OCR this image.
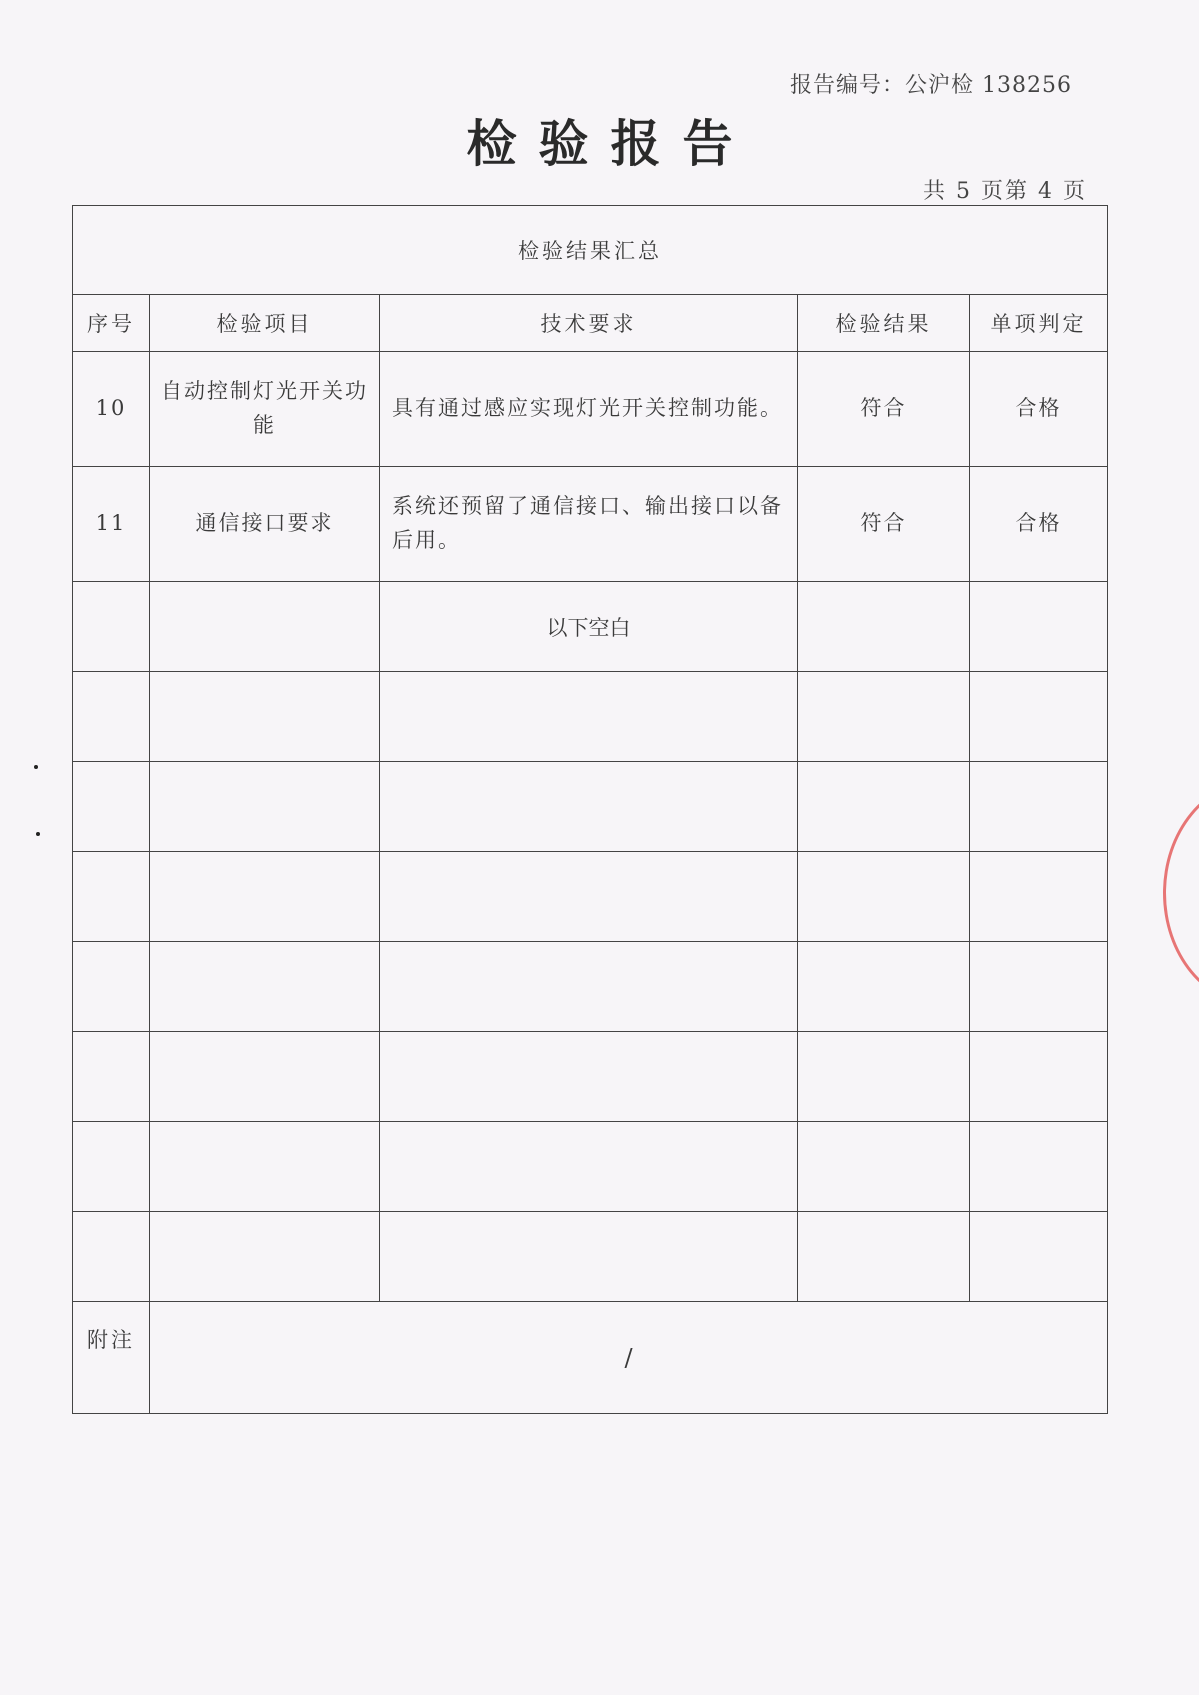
报告编号：公沪检 138256
检验报告
共 5 页第 4 页
检验结果汇总				
序号	检验项目	技术要求	检验结果	单项判定
10	自动控制灯光开关功能	具有通过感应实现灯光开关控制功能。	符合	合格
11	通信接口要求	系统还预留了通信接口、输出接口以备后用。	符合	合格
		以下空白		

附注	/			
